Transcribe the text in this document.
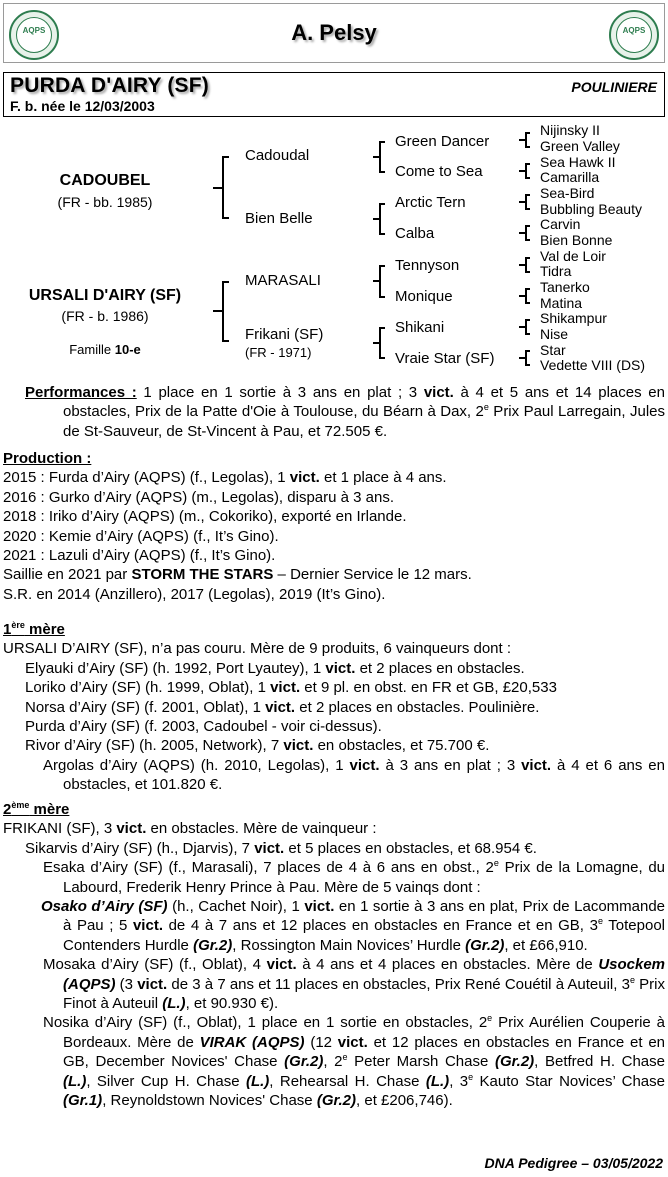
AQPS	A. Pelsy	AQPS
PURDA D'AIRY (SF)	POULINIERE
F. b. née le 12/03/2003
CADOUBEL
(FR - bb. 1985)
URSALI D'AIRY (SF)
(FR - b. 1986)
Famille 10-e
Cadoudal
Bien Belle
MARASALI
Frikani (SF)
(FR - 1971)
Green Dancer
Come to Sea
Arctic Tern
Calba
Tennyson
Monique
Shikani
Vraie Star (SF)
Nijinsky II
Green Valley
Sea Hawk II
Camarilla
Sea-Bird
Bubbling Beauty
Carvin
Bien Bonne
Val de Loir
Tidra
Tanerko
Matina
Shikampur
Nise
Star
Vedette VIII (DS)
Performances : 1 place en 1 sortie à 3 ans en plat ; 3 vict. à 4 et 5 ans et 14 places en obstacles, Prix de la Patte d'Oie à Toulouse, du Béarn à Dax, 2e Prix Paul Larregain, Jules de St-Sauveur, de St-Vincent à Pau, et 72.505 €.
Production :
2015 : Furda d’Airy (AQPS) (f., Legolas), 1 vict. et 1 place à 4 ans.
2016 : Gurko d’Airy (AQPS) (m., Legolas), disparu à 3 ans.
2018 : Iriko d’Airy (AQPS) (m., Cokoriko), exporté en Irlande.
2020 : Kemie d’Airy (AQPS) (f., It’s Gino).
2021 : Lazuli d’Airy (AQPS) (f., It’s Gino).
Saillie en 2021 par STORM THE STARS – Dernier Service le 12 mars.
S.R. en 2014 (Anzillero), 2017 (Legolas), 2019 (It’s Gino).
1ère mère
URSALI D’AIRY (SF), n’a pas couru. Mère de 9 produits, 6 vainqueurs dont :
Elyauki d’Airy (SF) (h. 1992, Port Lyautey), 1 vict. et 2 places en obstacles.
Loriko d’Airy (SF) (h. 1999, Oblat), 1 vict. et 9 pl. en obst. en FR et GB, £20,533
Norsa d’Airy (SF) (f. 2001, Oblat), 1 vict. et 2 places en obstacles. Poulinière.
Purda d’Airy (SF) (f. 2003, Cadoubel - voir ci-dessus).
Rivor d’Airy (SF) (h. 2005, Network), 7 vict. en obstacles, et 75.700 €.
Argolas d’Airy (AQPS) (h. 2010, Legolas), 1 vict. à 3 ans en plat ; 3 vict. à 4 et 6 ans en obstacles, et 101.820 €.
2ème mère
FRIKANI (SF), 3 vict. en obstacles. Mère de vainqueur :
Sikarvis d’Airy (SF) (h., Djarvis), 7 vict. et 5 places en obstacles, et 68.954 €.
Esaka d’Airy (SF) (f., Marasali), 7 places de 4 à 6 ans en obst., 2e Prix de la Lomagne, du Labourd, Frederik Henry Prince à Pau. Mère de 5 vainqs dont :
Osako d’Airy (SF) (h., Cachet Noir), 1 vict. en 1 sortie à 3 ans en plat, Prix de Lacommande à Pau ; 5 vict. de 4 à 7 ans et 12 places en obstacles en France et en GB, 3e Totepool Contenders Hurdle (Gr.2), Rossington Main Novices’ Hurdle (Gr.2), et £66,910.
Mosaka d’Airy (SF) (f., Oblat), 4 vict. à 4 ans et 4 places en obstacles. Mère de Usockem (AQPS) (3 vict. de 3 à 7 ans et 11 places en obstacles, Prix René Couétil à Auteuil, 3e Prix Finot à Auteuil (L.), et 90.930 €).
Nosika d’Airy (SF) (f., Oblat), 1 place en 1 sortie en obstacles, 2e Prix Aurélien Couperie à Bordeaux. Mère de VIRAK (AQPS) (12 vict. et 12 places en obstacles en France et en GB, December Novices' Chase (Gr.2), 2e Peter Marsh Chase (Gr.2), Betfred H. Chase (L.), Silver Cup H. Chase (L.), Rehearsal H. Chase (L.), 3e Kauto Star Novices’ Chase (Gr.1), Reynoldstown Novices' Chase (Gr.2), et £206,746).
DNA Pedigree – 03/05/2022
